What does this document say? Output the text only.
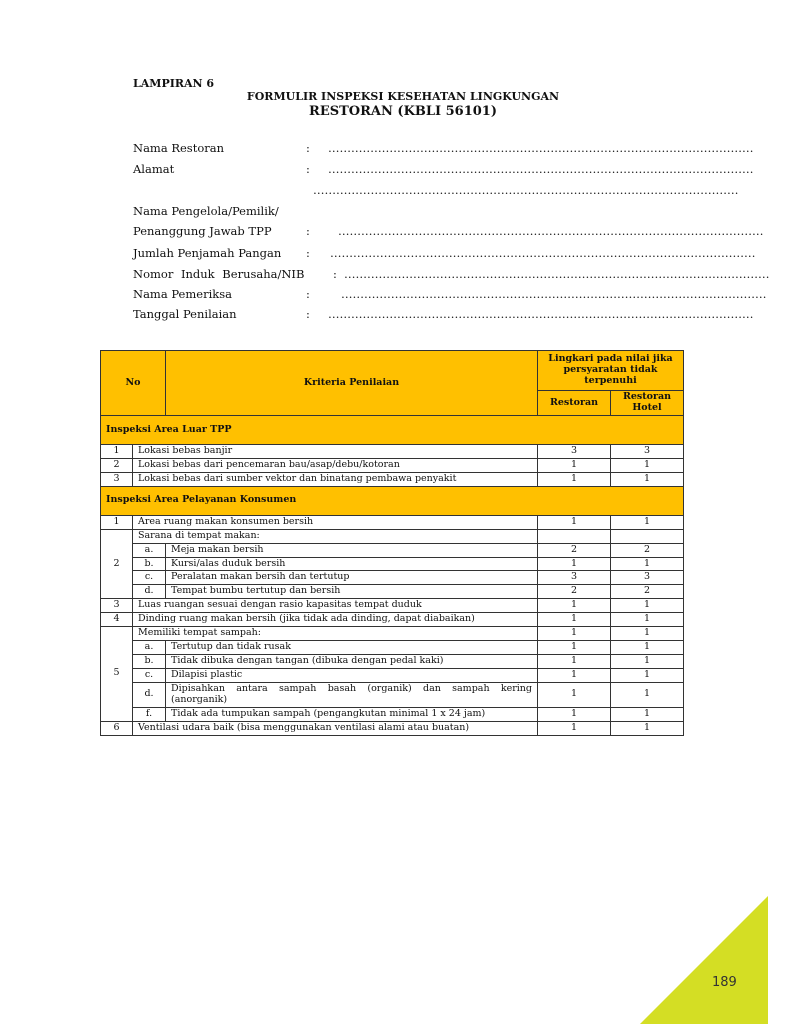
LAMPIRAN 6
FORMULIR INSPEKSI KESEHATAN LINGKUNGAN
RESTORAN (KBLI 56101)
Nama Restoran	: …………………………………………………………………………………………………
Alamat	: …………………………………………………………………………………………………
…………………………………………………………………………………………………
Nama Pengelola/Pemilik/
Penanggung Jawab TPP	: …………………………………………………………………………………………………
Jumlah Penjamah Pangan : …………………………………………………………………………………………………
Nomor Induk Berusaha/NIB : …………………………………………………………………………………………………
Nama Pemeriksa	:	…………………………………………………………………………………………………
Tanggal Penilaian	: …………………………………………………………………………………………………
No		Kriteria Penilaian	Lingkari pada nilai jika persyaratan tidak terpenuhi	
			Restoran	Restoran Hotel
Inspeksi Area Luar TPP				
1	Lokasi bebas banjir		3	3
2	Lokasi bebas dari pencemaran bau/asap/debu/kotoran		1	1
3	Lokasi bebas dari sumber vektor dan binatang pembawa penyakit		1	1
Inspeksi Area Pelayanan Konsumen				
1	Area ruang makan konsumen bersih		1	1
2	Sarana di tempat makan:			
	a.	Meja makan bersih	2	2
	b.	Kursi/alas duduk bersih	1	1
	c.	Peralatan makan bersih dan tertutup	3	3
	d.	Tempat bumbu tertutup dan bersih	2	2
3	Luas ruangan sesuai dengan rasio kapasitas tempat duduk		1	1
4	Dinding ruang makan bersih (jika tidak ada dinding, dapat diabaikan)		1	1
5	Memiliki tempat sampah:		1	1
	a.	Tertutup dan tidak rusak	1	1
	b.	Tidak dibuka dengan tangan (dibuka dengan pedal kaki)	1	1
	c.	Dilapisi plastic	1	1
	d.	Dipisahkan antara sampah basah (organik) dan sampah kering (anorganik)	1	1
	f.	Tidak ada tumpukan sampah (pengangkutan minimal 1 x 24 jam)	1	1
6	Ventilasi udara baik (bisa menggunakan ventilasi alami atau buatan)		1	1
189
